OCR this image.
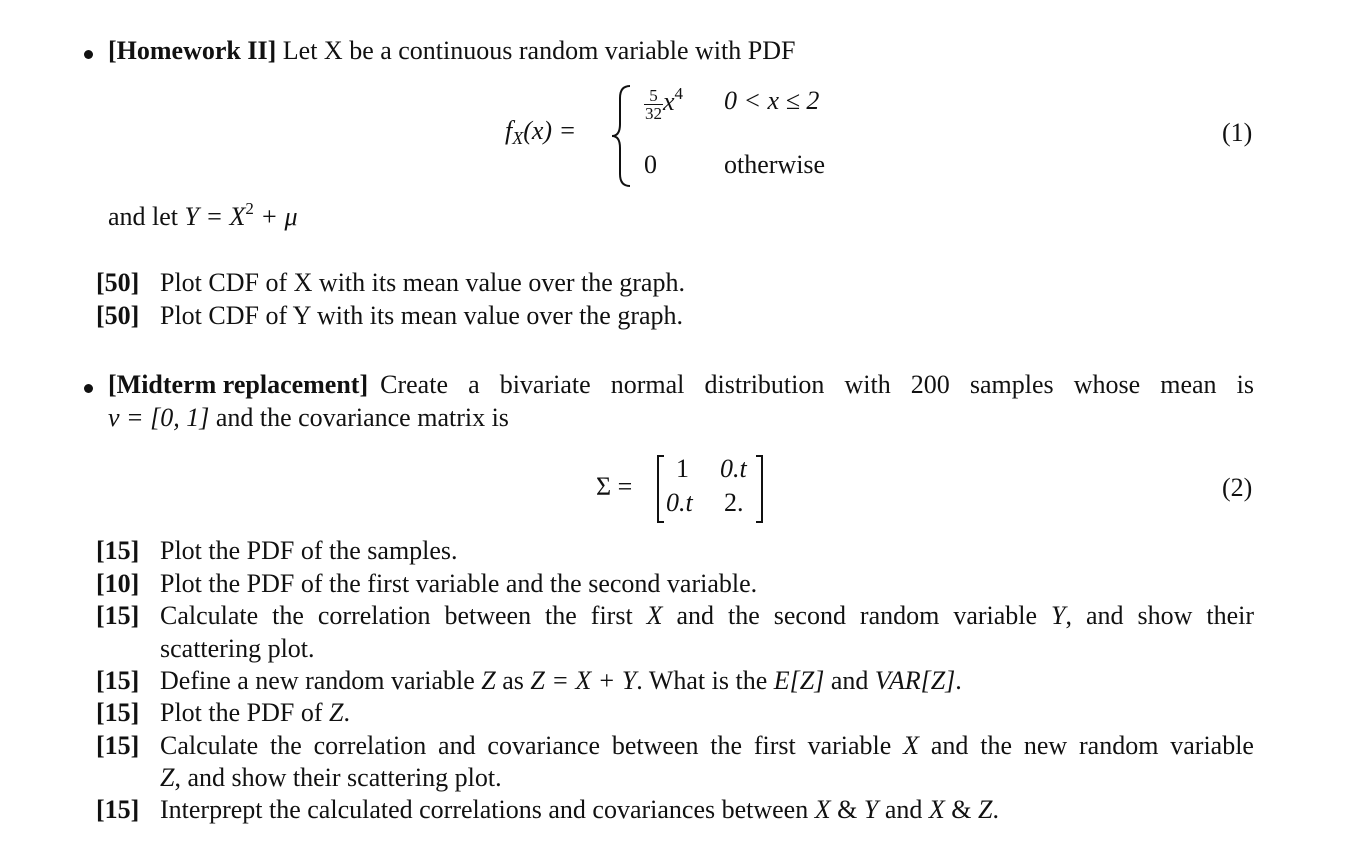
[Homework II] Let X be a continuous random variable with PDF
$f_X(x)$ =
$\frac{5}{32} x^4$ 0 < x ≤ 2
0	otherwise
(1)
and let $Y = X^2 + \mu$
[50] Plot CDF of X with its mean value over the graph.
[50] Plot CDF of Y with its mean value over the graph.
[Midterm replacement] Create a bivariate normal distribution with 200 samples whose mean is
ν = [0, 1] and the covariance matrix is
Σ =
1 0.t
0.t 2.
(2)
[15] Plot the PDF of the samples.
[10] Plot the PDF of the first variable and the second variable.
[15] Calculate the correlation between the first X and the second random variable Y, and show their
scattering plot.
[15] Define a new random variable Z as Z = X + Y. What is the E[Z] and VAR[Z].
[15] Plot the PDF of Z.
[15] Calculate the correlation and covariance between the first variable X and the new random variable
Z, and show their scattering plot.
[15] Interprept the calculated correlations and covariances between X & Y and X & Z.
